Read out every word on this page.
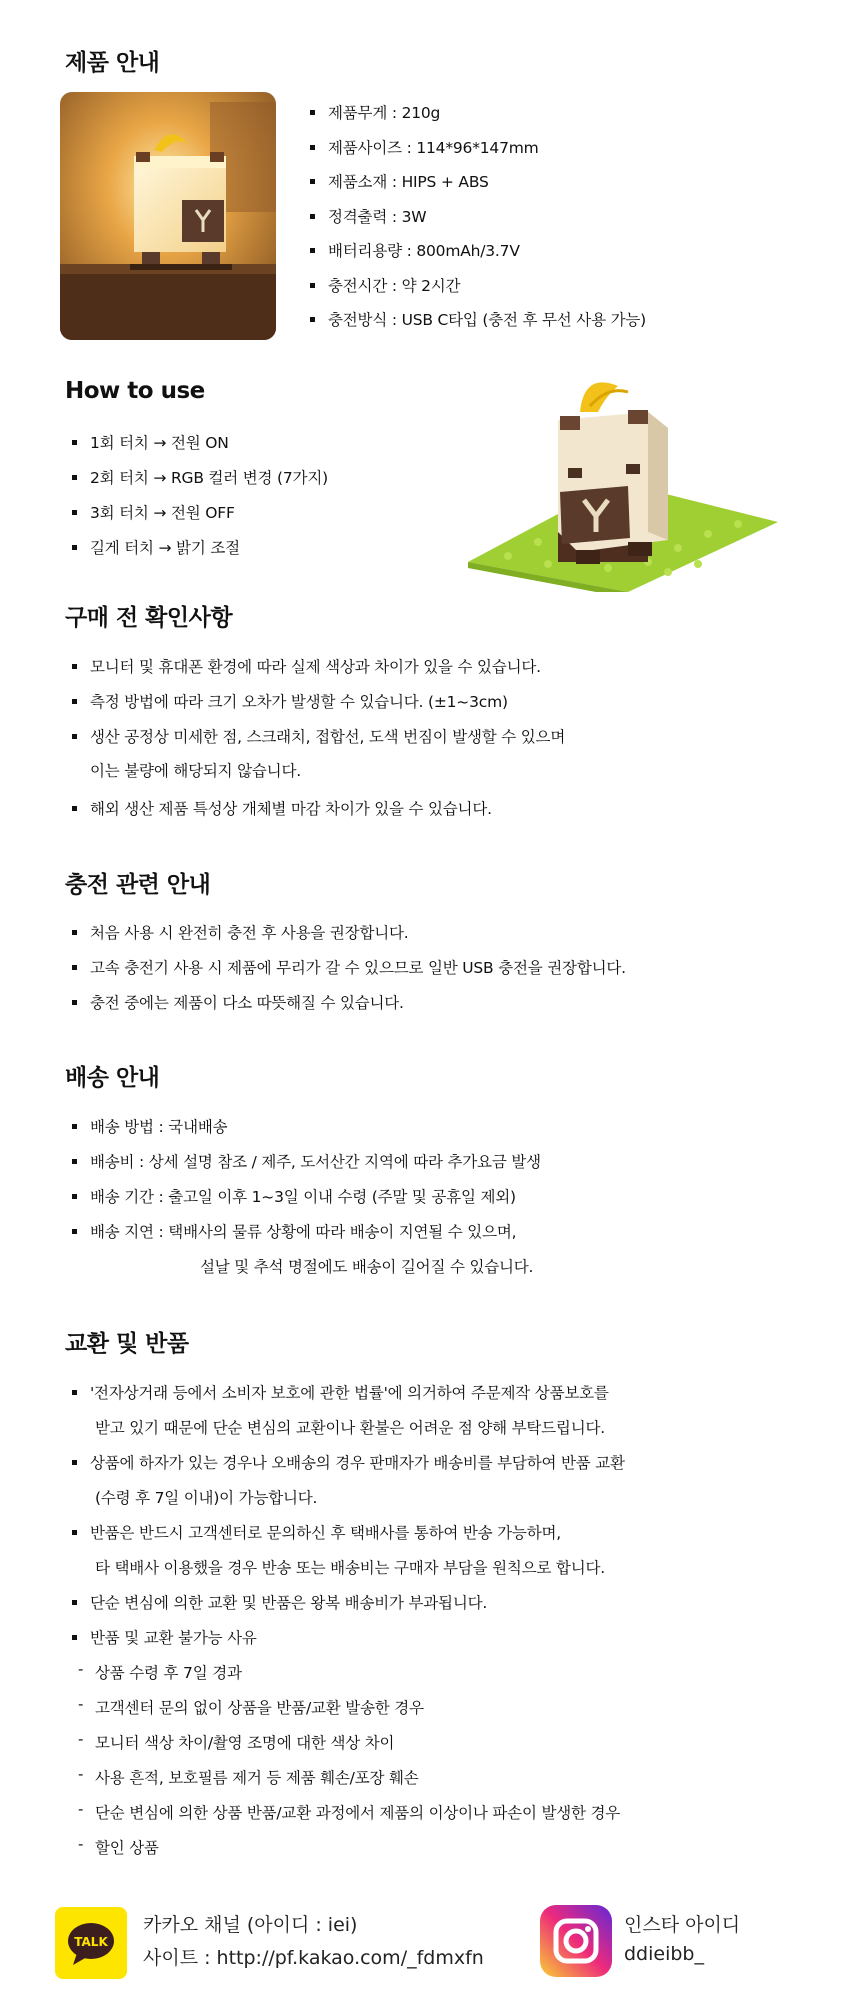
제품 안내
제품무게 : 210g
제품사이즈 : 114*96*147mm
제품소재 : HIPS + ABS
정격출력 : 3W
배터리용량 : 800mAh/3.7V
충전시간 : 약 2시간
충전방식 : USB C타입 (충전 후 무선 사용 가능)
How to use
1회 터치 → 전원 ON
2회 터치 → RGB 컬러 변경 (7가지)
3회 터치 → 전원 OFF
길게 터치 → 밝기 조절
구매 전 확인사항
모니터 및 휴대폰 환경에 따라 실제 색상과 차이가 있을 수 있습니다.
측정 방법에 따라 크기 오차가 발생할 수 있습니다. (±1~3cm)
생산 공정상 미세한 점, 스크래치, 접합선, 도색 번짐이 발생할 수 있으며
이는 불량에 해당되지 않습니다.
해외 생산 제품 특성상 개체별 마감 차이가 있을 수 있습니다.
충전 관련 안내
처음 사용 시 완전히 충전 후 사용을 권장합니다.
고속 충전기 사용 시 제품에 무리가 갈 수 있으므로 일반 USB 충전을 권장합니다.
충전 중에는 제품이 다소 따뜻해질 수 있습니다.
배송 안내
배송 방법 : 국내배송
배송비 : 상세 설명 참조 / 제주, 도서산간 지역에 따라 추가요금 발생
배송 기간 : 출고일 이후 1~3일 이내 수령 (주말 및 공휴일 제외)
배송 지연 : 택배사의 물류 상황에 따라 배송이 지연될 수 있으며,
설날 및 추석 명절에도 배송이 길어질 수 있습니다.
교환 및 반품
'전자상거래 등에서 소비자 보호에 관한 법률'에 의거하여 주문제작 상품보호를
받고 있기 때문에 단순 변심의 교환이나 환불은 어려운 점 양해 부탁드립니다.
상품에 하자가 있는 경우나 오배송의 경우 판매자가 배송비를 부담하여 반품 교환
(수령 후 7일 이내)이 가능합니다.
반품은 반드시 고객센터로 문의하신 후 택배사를 통하여 반송 가능하며,
타 택배사 이용했을 경우 반송 또는 배송비는 구매자 부담을 원칙으로 합니다.
단순 변심에 의한 교환 및 반품은 왕복 배송비가 부과됩니다.
반품 및 교환 불가능 사유
- 상품 수령 후 7일 경과
- 고객센터 문의 없이 상품을 반품/교환 발송한 경우
- 모니터 색상 차이/촬영 조명에 대한 색상 차이
- 사용 흔적, 보호필름 제거 등 제품 훼손/포장 훼손
- 단순 변심에 의한 상품 반품/교환 과정에서 제품의 이상이나 파손이 발생한 경우
- 할인 상품
TALK
카카오 채널 (아이디 : iei)
사이트 : http://pf.kakao.com/_fdmxfn
인스타 아이디
ddieibb_
